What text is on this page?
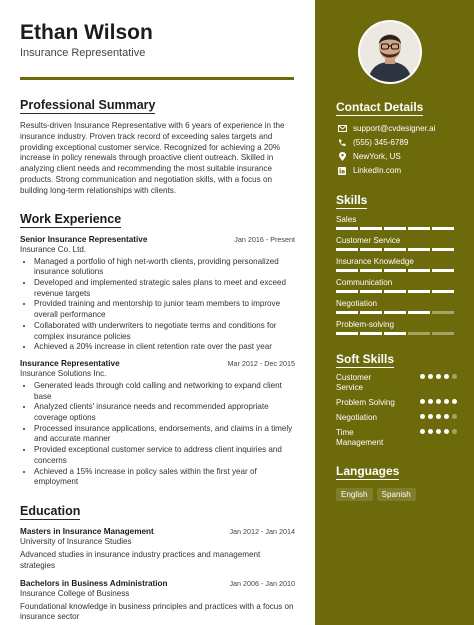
Ethan Wilson
Insurance Representative
Professional Summary
Results-driven Insurance Representative with 6 years of experience in the insurance industry. Proven track record of exceeding sales targets and providing exceptional customer service. Recognized for achieving a 20% increase in policy renewals through proactive client outreach. Skilled in analyzing client needs and recommending the most suitable insurance products. Strong communication and negotiation skills, with a focus on building long-term relationships with clients.
Work Experience
Senior Insurance Representative	Jan 2016 - Present
Insurance Co. Ltd.
• Managed a portfolio of high net-worth clients, providing personalized insurance solutions
• Developed and implemented strategic sales plans to meet and exceed revenue targets
• Provided training and mentorship to junior team members to improve overall performance
• Collaborated with underwriters to negotiate terms and conditions for complex insurance policies
• Achieved a 20% increase in client retention rate over the past year
Insurance Representative	Mar 2012 - Dec 2015
Insurance Solutions Inc.
• Generated leads through cold calling and networking to expand client base
• Analyzed clients' insurance needs and recommended appropriate coverage options
• Processed insurance applications, endorsements, and claims in a timely and accurate manner
• Provided exceptional customer service to address client inquiries and concerns
• Achieved a 15% increase in policy sales within the first year of employment
Education
Masters in Insurance Management	Jan 2012 - Jan 2014
University of Insurance Studies
Advanced studies in insurance industry practices and management strategies
Bachelors in Business Administration	Jan 2006 - Jan 2010
Insurance College of Business
Foundational knowledge in business principles and practices with a focus on insurance sector
Contact Details
support@cvdesigner.ai
(555) 345-6789
NewYork, US
LinkedIn.com
Skills
Sales
Customer Service
Insurance Knowledge
Communication
Negotiation
Problem-solving
Soft Skills
Customer Service
Problem Solving
Negotiation
Time Management
Languages
English	Spanish
